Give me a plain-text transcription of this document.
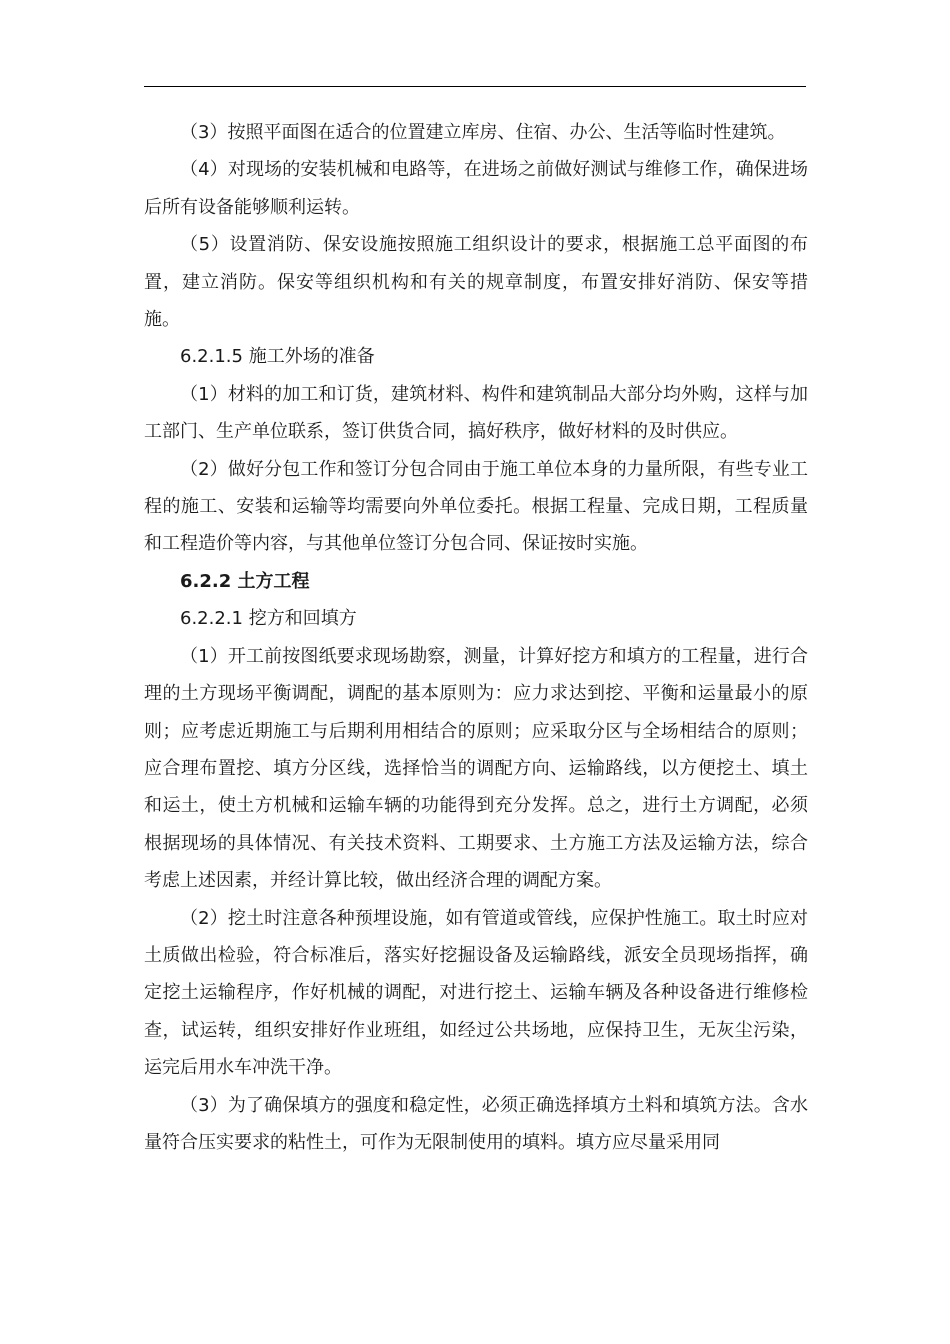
（3）按照平面图在适合的位置建立库房、住宿、办公、生活等临时性建筑。

（4）对现场的安装机械和电路等，在进场之前做好测试与维修工作，确保进场后所有设备能够顺利运转。

（5）设置消防、保安设施按照施工组织设计的要求，根据施工总平面图的布置，建立消防。保安等组织机构和有关的规章制度，布置安排好消防、保安等措施。

6.2.1.5 施工外场的准备

（1）材料的加工和订货，建筑材料、构件和建筑制品大部分均外购，这样与加工部门、生产单位联系，签订供货合同，搞好秩序，做好材料的及时供应。

（2）做好分包工作和签订分包合同由于施工单位本身的力量所限，有些专业工程的施工、安装和运输等均需要向外单位委托。根据工程量、完成日期，工程质量和工程造价等内容，与其他单位签订分包合同、保证按时实施。

6.2.2 土方工程

6.2.2.1 挖方和回填方

（1）开工前按图纸要求现场勘察，测量，计算好挖方和填方的工程量，进行合理的土方现场平衡调配，调配的基本原则为：应力求达到挖、平衡和运量最小的原则；应考虑近期施工与后期利用相结合的原则；应采取分区与全场相结合的原则；应合理布置挖、填方分区线，选择恰当的调配方向、运输路线，以方便挖土、填土和运土，使土方机械和运输车辆的功能得到充分发挥。总之，进行土方调配，必须根据现场的具体情况、有关技术资料、工期要求、土方施工方法及运输方法，综合考虑上述因素，并经计算比较，做出经济合理的调配方案。

（2）挖土时注意各种预埋设施，如有管道或管线，应保护性施工。取土时应对土质做出检验，符合标准后，落实好挖掘设备及运输路线，派安全员现场指挥，确定挖土运输程序，作好机械的调配，对进行挖土、运输车辆及各种设备进行维修检查，试运转，组织安排好作业班组，如经过公共场地，应保持卫生，无灰尘污染，运完后用水车冲洗干净。

（3）为了确保填方的强度和稳定性，必须正确选择填方土料和填筑方法。含水量符合压实要求的粘性土，可作为无限制使用的填料。填方应尽量采用同
